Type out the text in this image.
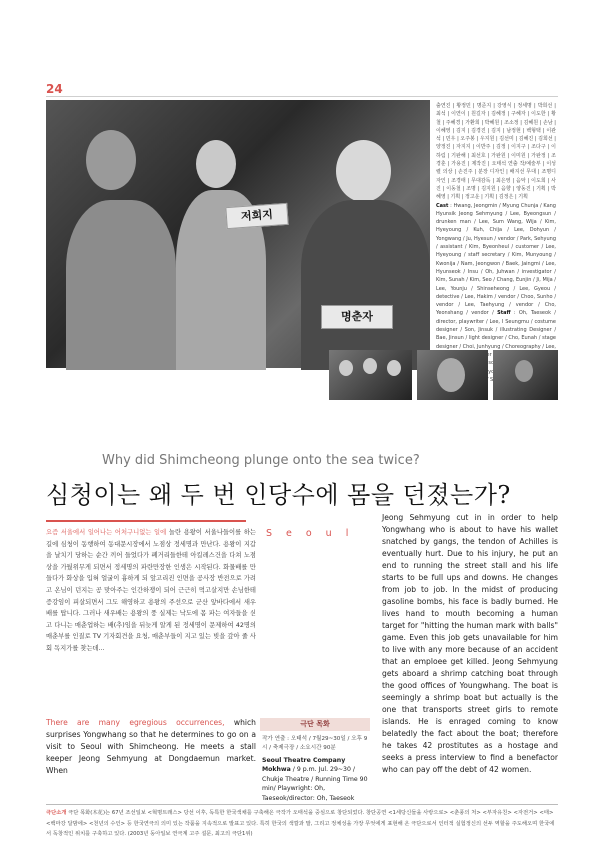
24
저희지
명춘자
출연진 | 황정민 | 명준지 | 강영식 | 정세명 | 박희선 | 최석 | 이연이 | 원길자 | 김혜정 | 구혜자 | 이도한 | 황철 | 주혜경 | 가환희 | 박혜원 | 조소정 | 김혜원 | 손남 | 이혜영 | 김지 | 김경진 | 김지 | 남정현 | 백형택 | 이관석 | 민우 | 오주봉 | 우지원 | 김선미 | 김혜진 | 김희선 | 양정진 | 자지지 | 이반주 | 김정 | 이지구 | 조다구 | 이하림 | 기완해 | 최선호 | 가완원 | 이미원 | 가완정 | 조경훈 | 가용진 | 제작진 | 오태석 연출 작/예술부 | 이성렬 의상 | 손진주 | 분장 디자인 | 배지선 무대 | 조명디자인 | 조경태 | 무대감독 | 최은영 | 음악 | 이도희 | 사진 | 이동철 | 조명 | 김지원 | 음향 | 양동진 | 기획 | 박혜영 | 기획 | 정고운 | 기획 | 김정은 | 기획
Cast : Hwang, Jeongmin / Myung Chunja / Kang Hyunsik Jeong Sehmyung / Lee, Byeongsun / drunken man / Lee, Sum Wang, Wija / Kim, Hyeyoung / Kuh, Chija / Lee, Dohyun / Yongwang / Ju, Hyesun / vendor / Park, Sehyung / assistant / Kim, Byeonheul / customer / Lee, Hyeyoung / staff secretary / Kim, Munyoung / Kwonija / Nam, Jeongwon / Baek, Jaingmi / Lee, Hyunseok / Insu / Oh, Juhwan / investigator / Kim, Sunah / Kim, Seo / Chang, Eunjin / Ji, Mija / Lee, Younju / Shinseheong / Lee, Gyeou / detective / Lee, Hakim / vendor / Choo, Sunho / vendor / Lee, Taehyung / vendor / Cho, Yeonshang / vendor / Staff : Oh, Taeseok / director, playwriter / Lee, I Seungmu / costume designer / Son, Jinsuk / illustrating Designer / Bae, Jinsun / light designer / Cho, Eunah / stage designer / Choi, Junhyung / Choreography / Lee,
Why did Shimcheong plunge onto the sea twice?
심청이는 왜 두 번 인당수에 몸을 던졌는가?
요즘 서울에서 일어나는 어처구니없는 일에 놀란 용왕이 서울나들이를 하는 길에 심청이 동행하여 동대문시장에서 노점상 정세명과 만난다. 용왕이 지갑을 날치기 당하는 순간 끼어 들었다가 폐거리들한테 아킬레스건을 다쳐 노점상을 가뒀위무게 되면서 정세명의 파란만장한 인생은 시작된다. 화물배를 만들다가 화상을 입혀 얼굴이 흉하게 되 앞고리진 인면을 공사장 반전으로 가려고 온님이 던지는 공 맞아주는 인간하쟁이 되어 근근히 먹고살지만 손님한테 증강임이 피살되면서 그도 해영하고 용왕의 주선으로 군산 앞바다에서 새우배를 탑니다. 그러나 새우배는 용왕의 풍 실제는 낙도에 몸 파는 여자들을 싣고 다니는 매춘업하는 배(추)임을 뒤늦게 알게 된 정세명이 문제하여 42명의 매춘부를 인질로 TV 기자회견을 요청, 매춘부들이 지고 있는 빚을 갚아 줄 사회 독지가를 찾는데...
There are many egregious occurrences, which surprises Yongwhang so that he determines to go on a visit to Seoul with Shimcheong. He meets a stall keeper Jeong Sehmyung at Dongdaemun market. When
Seoul
극단 목화
작가 연출 : 오태석 / 7월29~30일 / 오후 9시 / 축제극장 / 소요시간 90분
Seoul Theatre Company Mokhwa / 9 p.m. Jul. 29~30 / Chukje Theatre / Running Time 90 min/ Playwright: Oh, Taeseok/director: Oh, Taeseok
Jeong Sehmyung cut in in order to help Yongwhang who is about to have his wallet snatched by gangs, the tendon of Achilles is eventually hurt. Due to his injury, he put an end to running the street stall and his life starts to be full ups and downs. He changes from job to job. In the midst of producing gasoline bombs, his face is badly burned. He lives hand to mouth becoming a human target for "hitting the human mark with balls" game. Even this job gets unavailable for him to live with any more because of an accident that an emploee get killed. Jeong Sehmyung gets aboard a shrimp catching boat through the good offices of Youngwhang. The boat is seemingly a shrimp boat but actually is the one that transports street girls to remote islands. He is enraged coming to know belatedly the fact about the boat; therefore he takes 42 prostitutes as a hostage and seeks a press interview to find a benefactor who can pay off the debt of 42 women.
극단소개 극단 목화(木花)는 67년 조선일보 <혁명트래스> 당선 이후, 독특한 한국색채를 구축해온 극작가 오태석을 중심으로 창단되었다. 창단공연 <1세당신들을 사랑으로> <춘풍의 처> <부자유친> <자전거> <태> <백마강 달밤에> <천년의 수인> 등 한국연극의 의미 있는 작품을 지속적으로 발표고 있다. 특히 한국의 색깔과 말, 그리고 정체성을 가장 무엇에게 표현해 온 극단으로서 인터적 실험정신의 선두 역할을 주도해오며 한국에서 독창적인 위치를 구축하고 있다. (2003년 동아일보 연극계 고주 설문, 최고의 극단1위)
